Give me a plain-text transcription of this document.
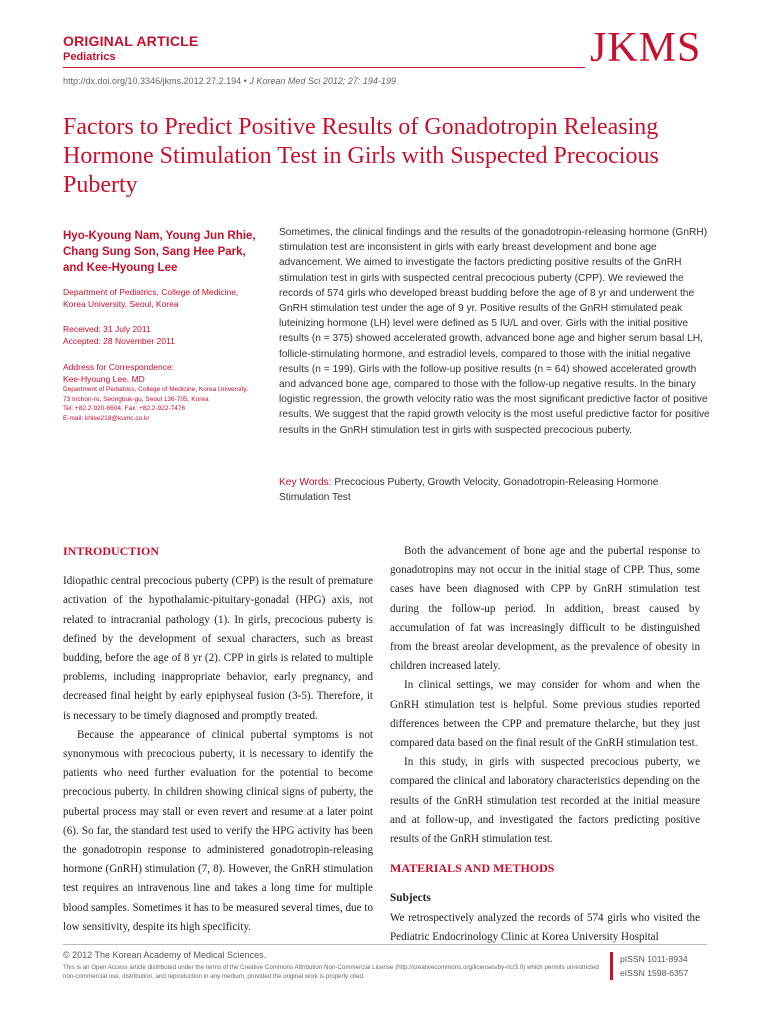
ORIGINAL ARTICLE
Pediatrics	JKMS
http://dx.doi.org/10.3346/jkms.2012.27.2.194 • J Korean Med Sci 2012; 27: 194-199
Factors to Predict Positive Results of Gonadotropin Releasing Hormone Stimulation Test in Girls with Suspected Precocious Puberty
Hyo-Kyoung Nam, Young Jun Rhie, Chang Sung Son, Sang Hee Park, and Kee-Hyoung Lee
Department of Pediatrics, College of Medicine, Korea University, Seoul, Korea
Received: 31 July 2011
Accepted: 28 November 2011
Address for Correspondence:
Kee-Hyoung Lee, MD
Department of Pediatrics, College of Medicine, Korea University,
73 Inchon-ro, Seongbuk-gu, Seoul 136-705, Korea
Tel: +82.2-920-6604, Fax: +82.2-922-7476
E-mail: khlee218@kumc.co.kr
Sometimes, the clinical findings and the results of the gonadotropin-releasing hormone (GnRH) stimulation test are inconsistent in girls with early breast development and bone age advancement. We aimed to investigate the factors predicting positive results of the GnRH stimulation test in girls with suspected central precocious puberty (CPP). We reviewed the records of 574 girls who developed breast budding before the age of 8 yr and underwent the GnRH stimulation test under the age of 9 yr. Positive results of the GnRH stimulated peak luteinizing hormone (LH) level were defined as 5 IU/L and over. Girls with the initial positive results (n = 375) showed accelerated growth, advanced bone age and higher serum basal LH, follicle-stimulating hormone, and estradiol levels, compared to those with the initial negative results (n = 199). Girls with the follow-up positive results (n = 64) showed accelerated growth and advanced bone age, compared to those with the follow-up negative results. In the binary logistic regression, the growth velocity ratio was the most significant predictive factor of positive results. We suggest that the rapid growth velocity is the most useful predictive factor for positive results in the GnRH stimulation test in girls with suspected precocious puberty.
Key Words: Precocious Puberty, Growth Velocity, Gonadotropin-Releasing Hormone Stimulation Test
INTRODUCTION

Idiopathic central precocious puberty (CPP) is the result of premature activation of the hypothalamic-pituitary-gonadal (HPG) axis, not related to intracranial pathology (1). In girls, precocious puberty is defined by the development of sexual characters, such as breast budding, before the age of 8 yr (2). CPP in girls is related to multiple problems, including inappropriate behavior, early pregnancy, and decreased final height by early epiphyseal fusion (3-5). Therefore, it is necessary to be timely diagnosed and promptly treated.

Because the appearance of clinical pubertal symptoms is not synonymous with precocious puberty, it is necessary to identify the patients who need further evaluation for the potential to become precocious puberty. In children showing clinical signs of puberty, the pubertal process may stall or even revert and resume at a later point (6). So far, the standard test used to verify the HPG activity has been the gonadotropin response to administered gonadotropin-releasing hormone (GnRH) stimulation (7, 8). However, the GnRH stimulation test requires an intravenous line and takes a long time for multiple blood samples. Sometimes it has to be measured several times, due to low sensitivity, despite its high specificity.

Both the advancement of bone age and the pubertal response to gonadotropins may not occur in the initial stage of CPP. Thus, some cases have been diagnosed with CPP by GnRH stimulation test during the follow-up period. In addition, breast caused by accumulation of fat was increasingly difficult to be distinguished from the breast areolar development, as the prevalence of obesity in children increased lately.

In clinical settings, we may consider for whom and when the GnRH stimulation test is helpful. Some previous studies reported differences between the CPP and premature thelarche, but they just compared data based on the final result of the GnRH stimulation test.

In this study, in girls with suspected precocious puberty, we compared the clinical and laboratory characteristics depending on the results of the GnRH stimulation test recorded at the initial measure and at follow-up, and investigated the factors predicting positive results of the GnRH stimulation test.

MATERIALS AND METHODS
Subjects

We retrospectively analyzed the records of 574 girls who visited the Pediatric Endocrinology Clinic at Korea University Hospital

© 2012 The Korean Academy of Medical Sciences.
This is an Open Access article distributed under the terms of the Creative Commons Attribution Non-Commercial License (http://creativecommons.org/licenses/by-nc/3.0) which permits unrestricted non-commercial use, distribution, and reproduction in any medium, provided the original work is properly cited.
pISSN 1011-8934
eISSN 1598-6357
